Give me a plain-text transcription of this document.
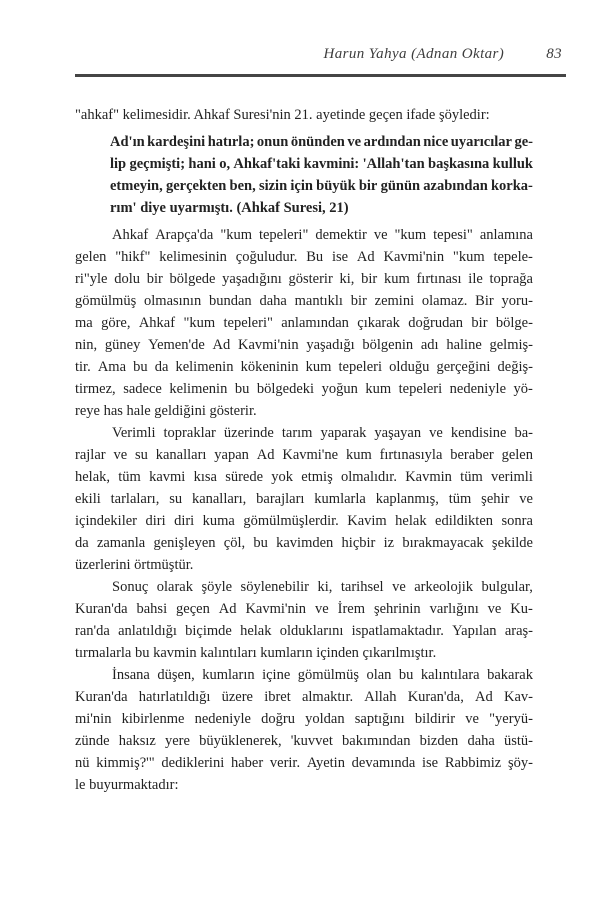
Harun Yahya (Adnan Oktar)	83
"ahkaf" kelimesidir. Ahkaf Suresi'nin 21. ayetinde geçen ifade şöyledir:
Ad'ın kardeşini hatırla; onun önünden ve ardından nice uyarıcılar ge-
lip geçmişti; hani o, Ahkaf'taki kavmini: 'Allah'tan başkasına kulluk
etmeyin, gerçekten ben, sizin için büyük bir günün azabından korka-
rım' diye uyarmıştı. (Ahkaf Suresi, 21)
Ahkaf Arapça'da "kum tepeleri" demektir ve "kum tepesi" anlamına
gelen "hikf" kelimesinin çoğuludur. Bu ise Ad Kavmi'nin "kum tepele-
ri"yle dolu bir bölgede yaşadığını gösterir ki, bir kum fırtınası ile toprağa
gömülmüş olmasının bundan daha mantıklı bir zemini olamaz. Bir yoru-
ma göre, Ahkaf "kum tepeleri" anlamından çıkarak doğrudan bir bölge-
nin, güney Yemen'de Ad Kavmi'nin yaşadığı bölgenin adı haline gelmiş-
tir. Ama bu da kelimenin kökeninin kum tepeleri olduğu gerçeğini değiş-
tirmez, sadece kelimenin bu bölgedeki yoğun kum tepeleri nedeniyle yö-
reye has hale geldiğini gösterir.
Verimli topraklar üzerinde tarım yaparak yaşayan ve kendisine ba-
rajlar ve su kanalları yapan Ad Kavmi'ne kum fırtınasıyla beraber gelen
helak, tüm kavmi kısa sürede yok etmiş olmalıdır. Kavmin tüm verimli
ekili tarlaları, su kanalları, barajları kumlarla kaplanmış, tüm şehir ve
içindekiler diri diri kuma gömülmüşlerdir. Kavim helak edildikten sonra
da zamanla genişleyen çöl, bu kavimden hiçbir iz bırakmayacak şekilde
üzerlerini örtmüştür.
Sonuç olarak şöyle söylenebilir ki, tarihsel ve arkeolojik bulgular,
Kuran'da bahsi geçen Ad Kavmi'nin ve İrem şehrinin varlığını ve Ku-
ran'da anlatıldığı biçimde helak olduklarını ispatlamaktadır. Yapılan araş-
tırmalarla bu kavmin kalıntıları kumların içinden çıkarılmıştır.
İnsana düşen, kumların içine gömülmüş olan bu kalıntılara bakarak
Kuran'da hatırlatıldığı üzere ibret almaktır. Allah Kuran'da, Ad Kav-
mi'nin kibirlenme nedeniyle doğru yoldan saptığını bildirir ve "yeryü-
zünde haksız yere büyüklenerek, 'kuvvet bakımından bizden daha üstü-
nü kimmiş?'" dediklerini haber verir. Ayetin devamında ise Rabbimiz şöy-
le buyurmaktadır:
